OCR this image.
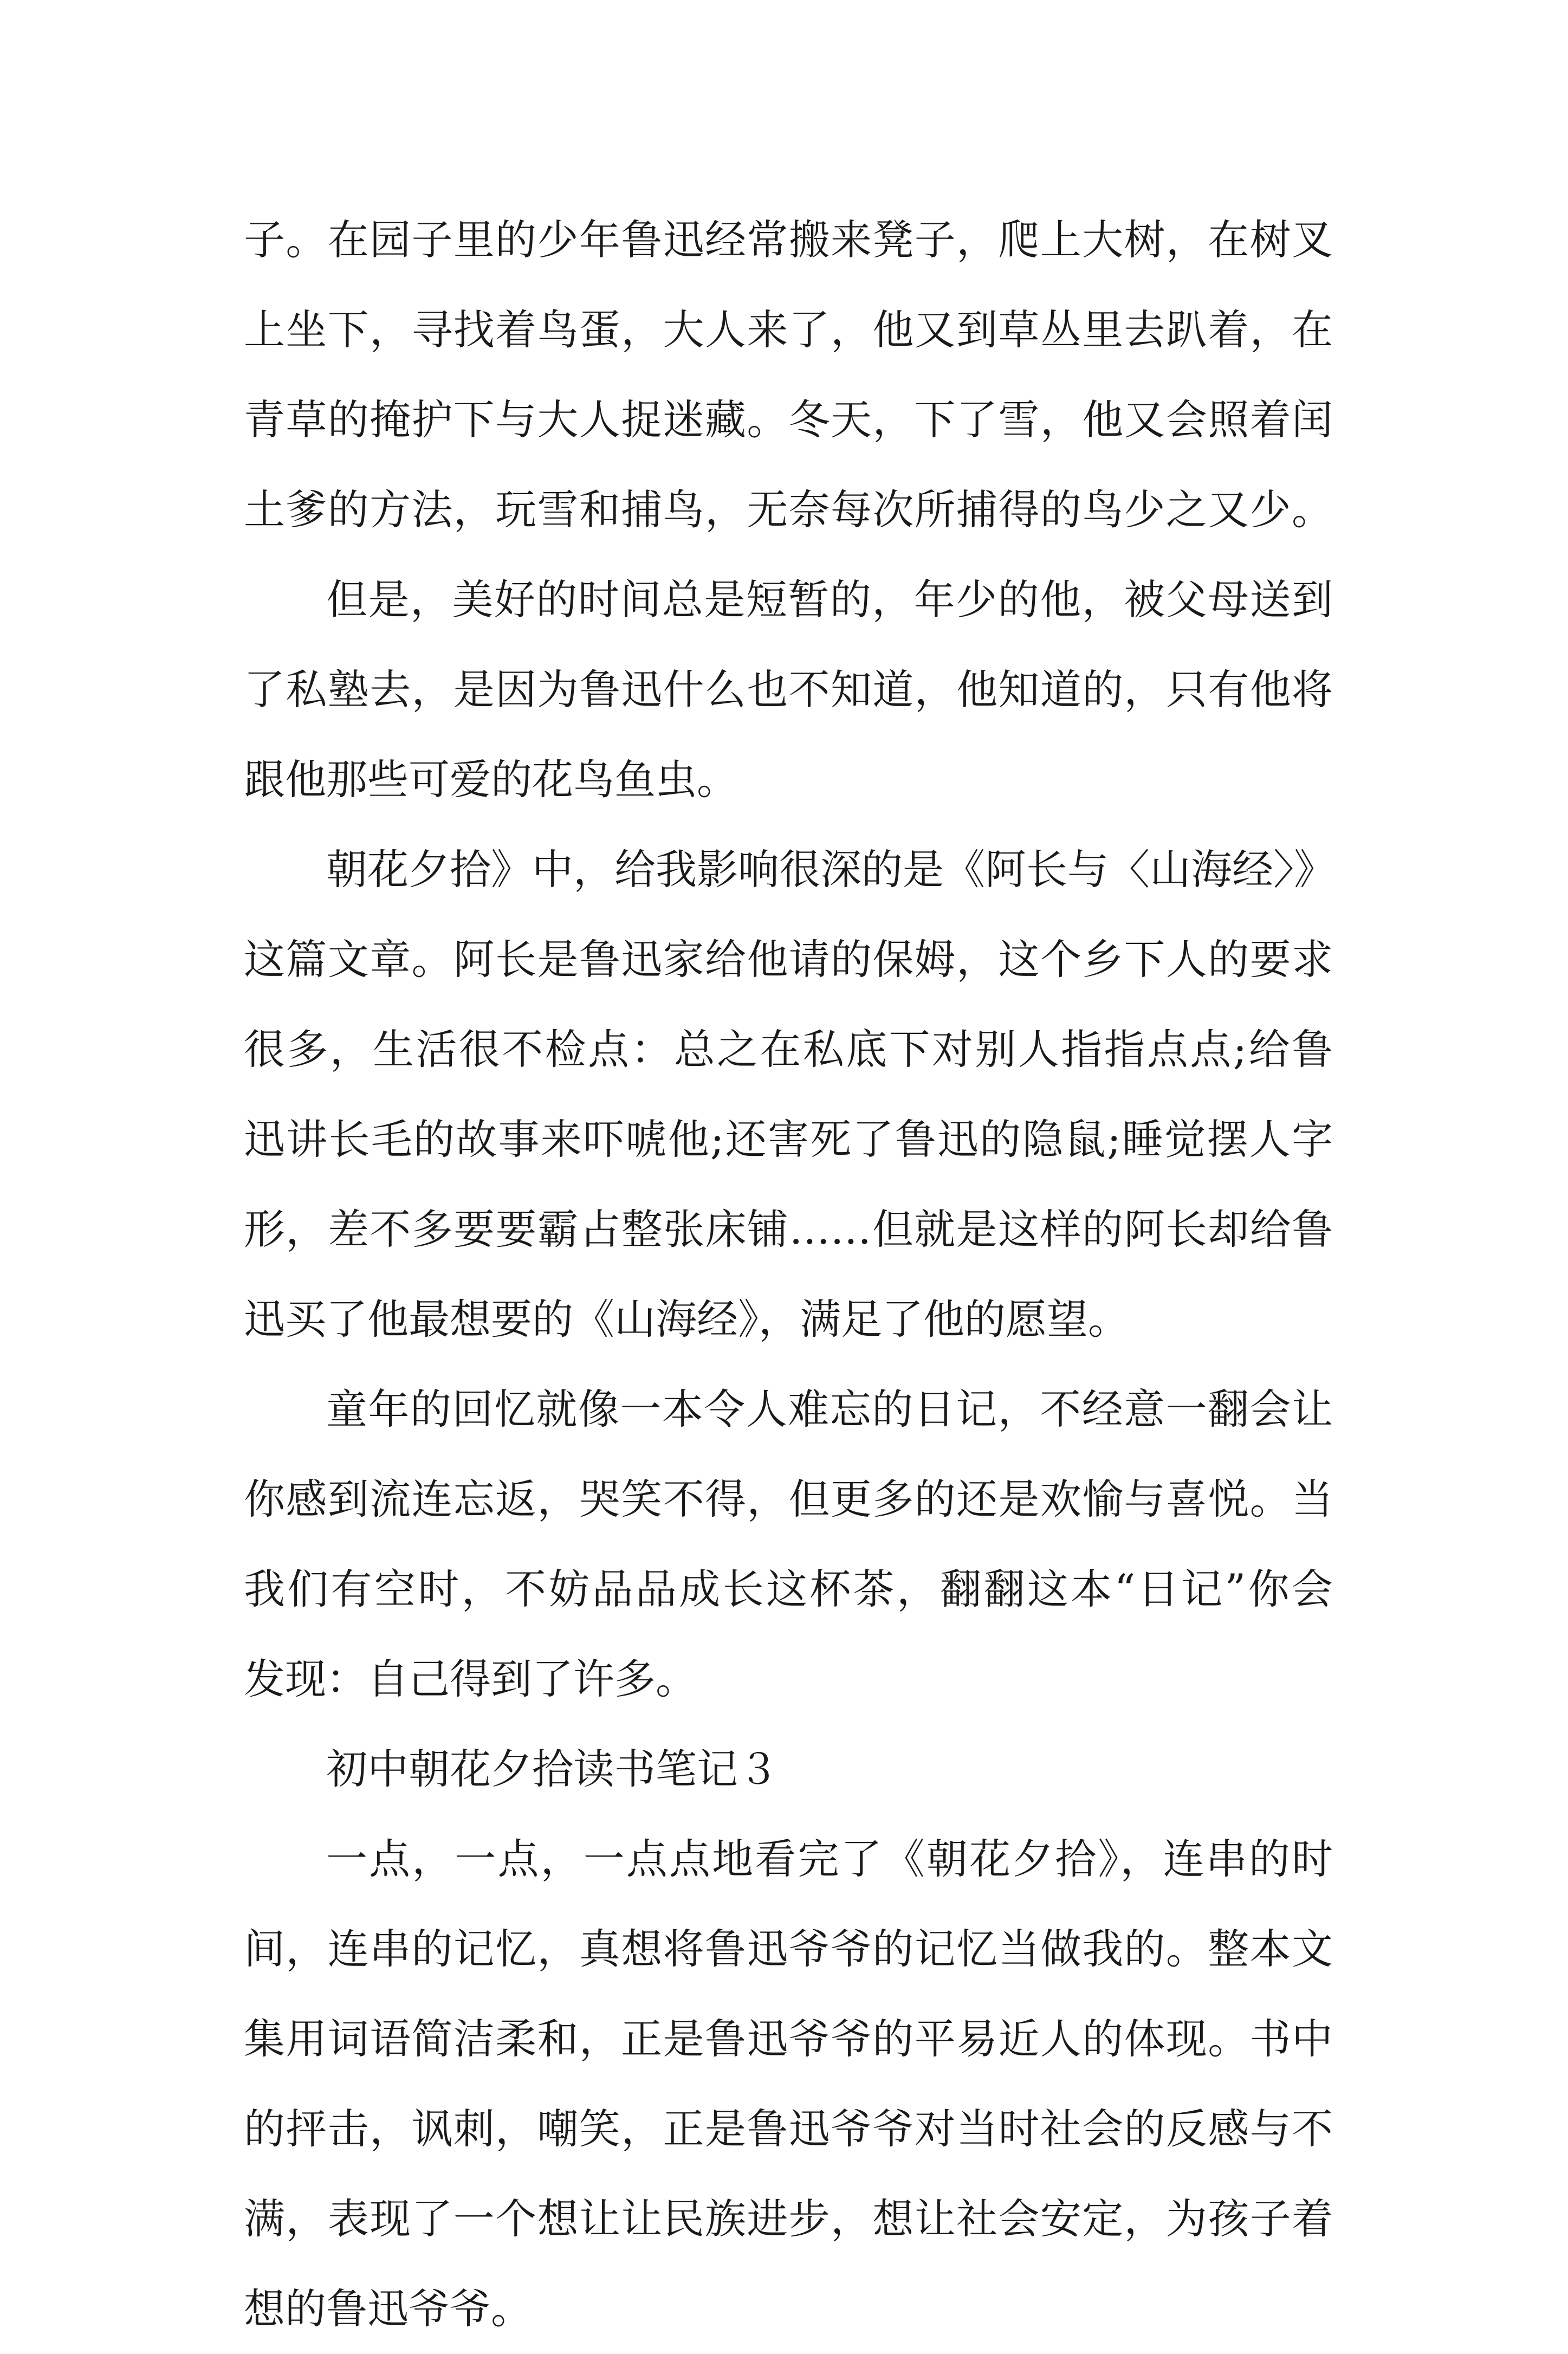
子。在园子里的少年鲁迅经常搬来凳子，爬上大树，在树叉
上坐下，寻找着鸟蛋，大人来了，他又到草丛里去趴着，在
青草的掩护下与大人捉迷藏。冬天，下了雪，他又会照着闰
土爹的方法，玩雪和捕鸟，无奈每次所捕得的鸟少之又少。
但是，美好的时间总是短暂的，年少的他，被父母送到
了私塾去，是因为鲁迅什么也不知道，他知道的，只有他将
跟他那些可爱的花鸟鱼虫。
朝花夕拾》中，给我影响很深的是《阿长与〈山海经〉》
这篇文章。阿长是鲁迅家给他请的保姆，这个乡下人的要求
很多，生活很不检点：总之在私底下对别人指指点点;给鲁
迅讲长毛的故事来吓唬他;还害死了鲁迅的隐鼠;睡觉摆人字
形，差不多要要霸占整张床铺……但就是这样的阿长却给鲁
迅买了他最想要的《山海经》，满足了他的愿望。
童年的回忆就像一本令人难忘的日记，不经意一翻会让
你感到流连忘返，哭笑不得，但更多的还是欢愉与喜悦。当
我们有空时，不妨品品成长这杯茶，翻翻这本“日记”你会
发现：自己得到了许多。
初中朝花夕拾读书笔记３
一点，一点，一点点地看完了《朝花夕拾》，连串的时
间，连串的记忆，真想将鲁迅爷爷的记忆当做我的。整本文
集用词语简洁柔和，正是鲁迅爷爷的平易近人的体现。书中
的抨击，讽刺，嘲笑，正是鲁迅爷爷对当时社会的反感与不
满，表现了一个想让让民族进步，想让社会安定，为孩子着
想的鲁迅爷爷。
